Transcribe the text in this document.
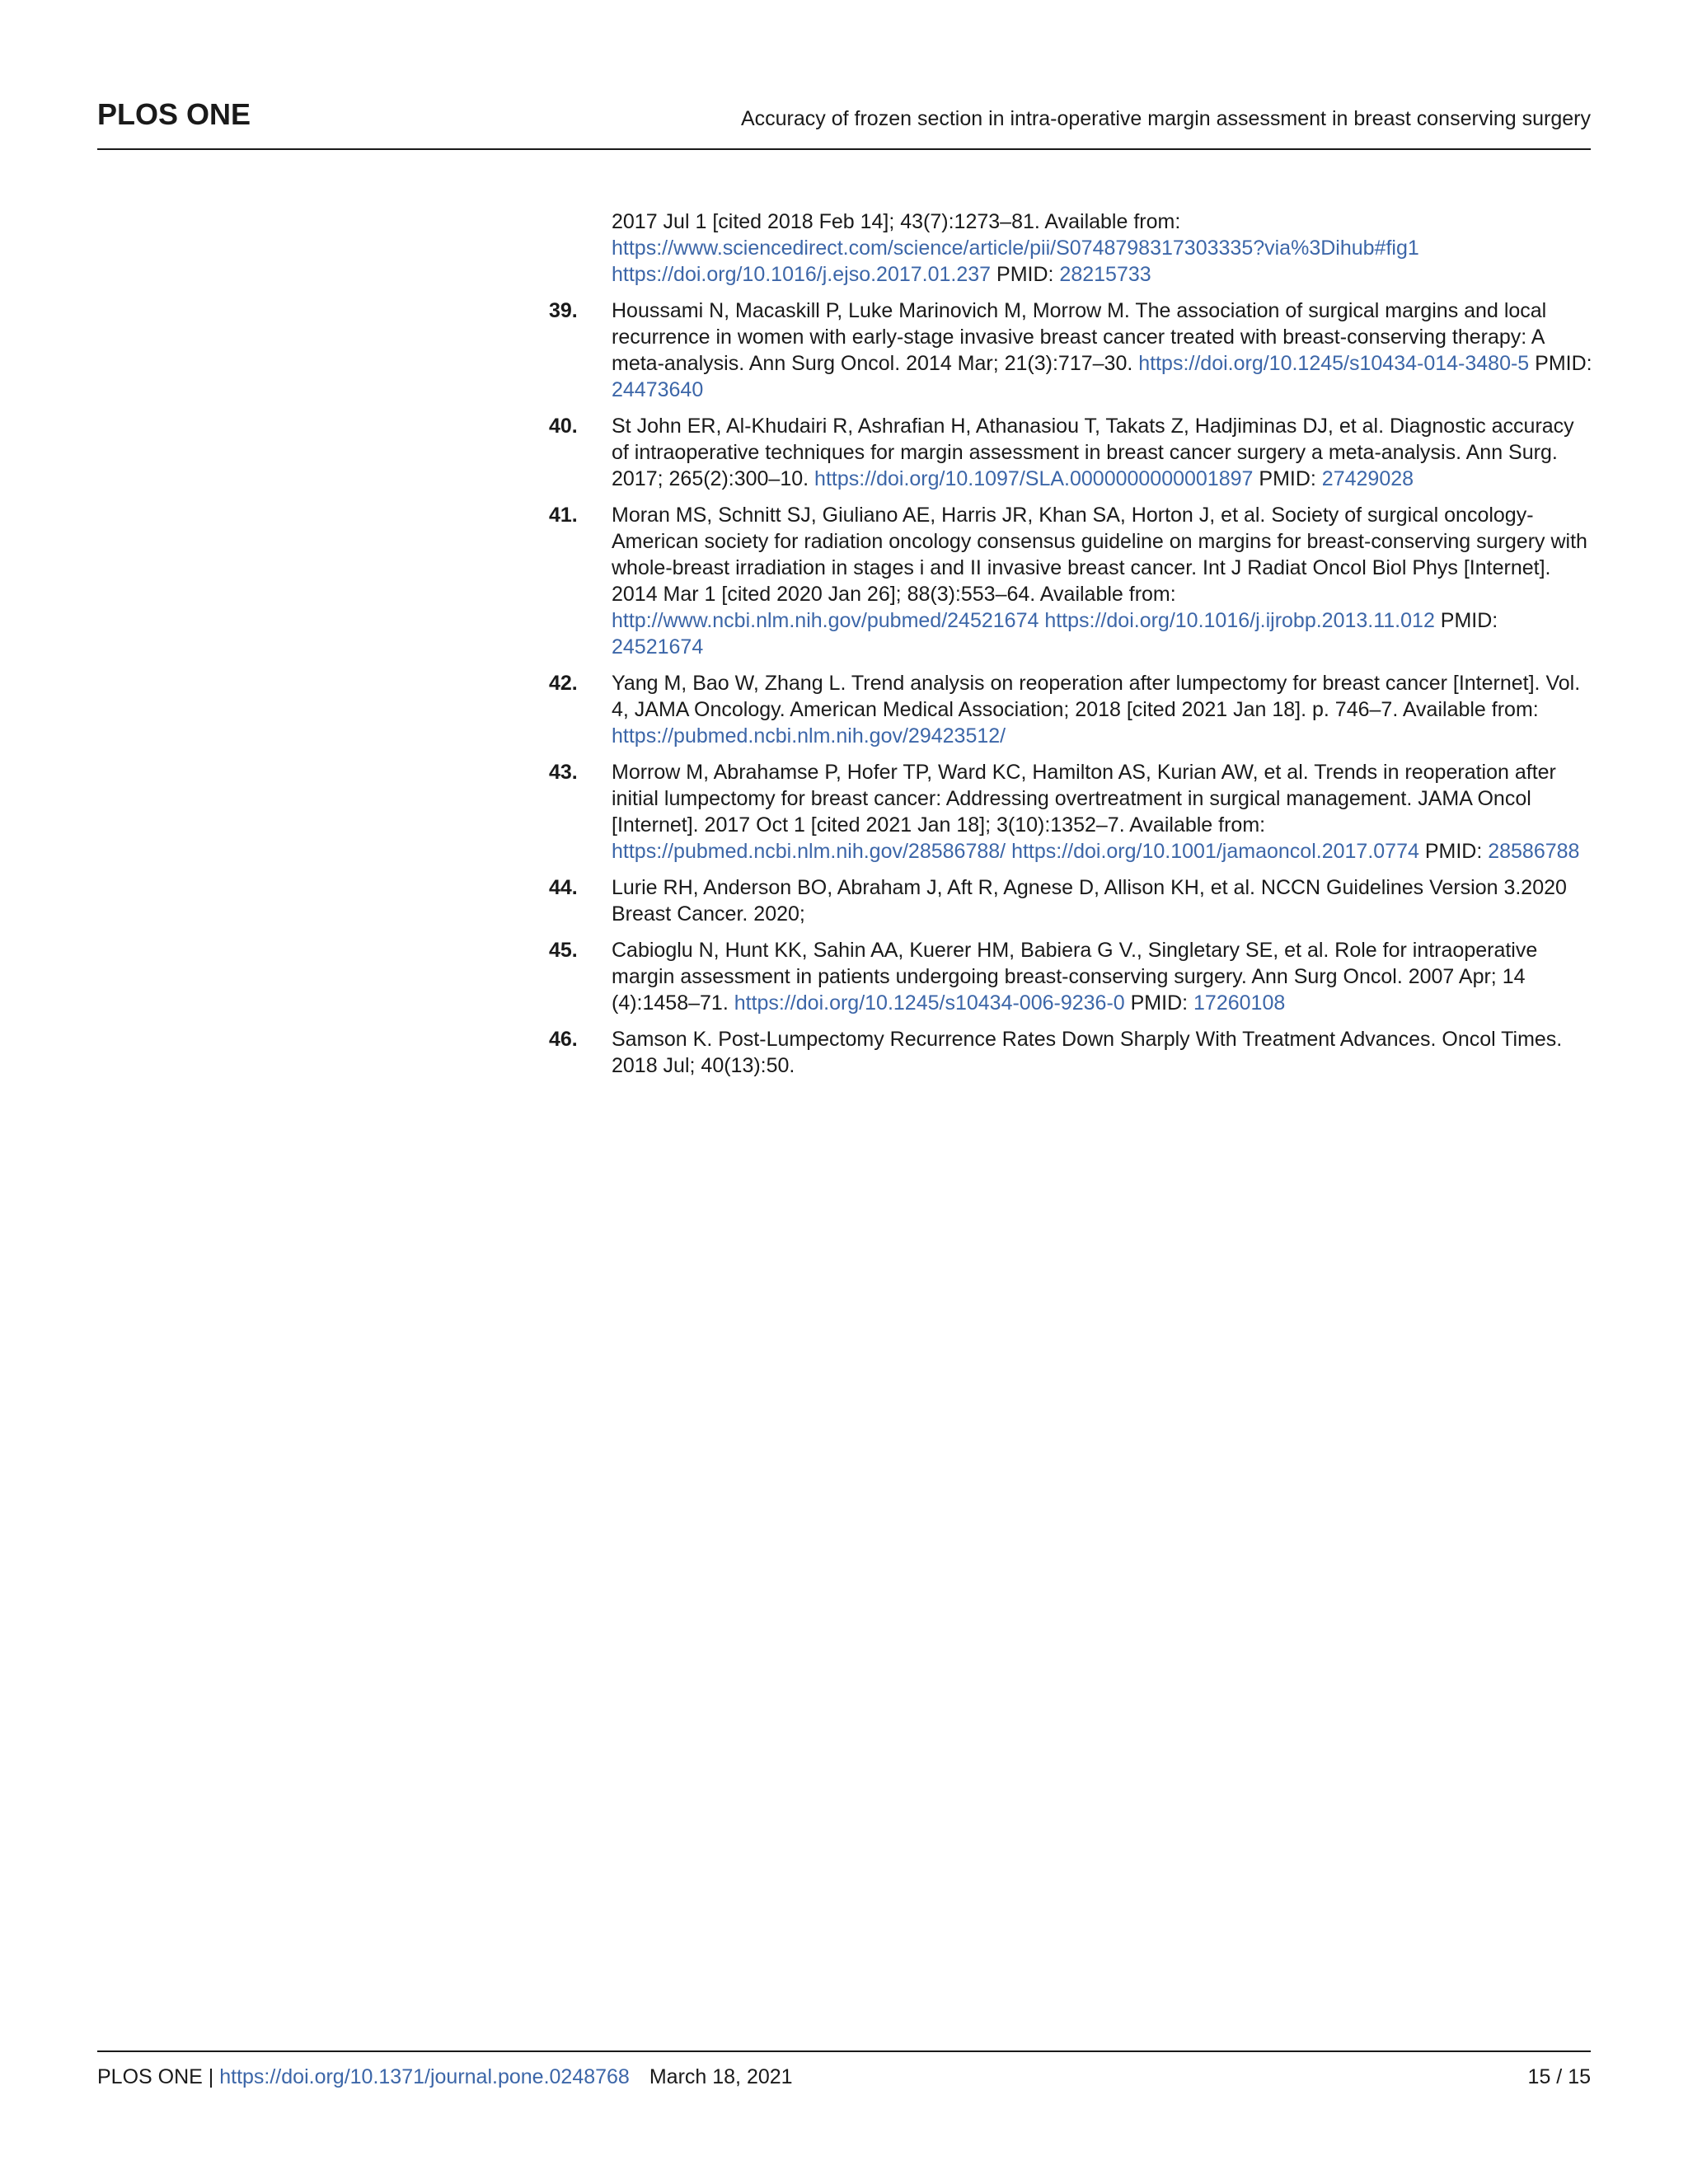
PLOS ONE	Accuracy of frozen section in intra-operative margin assessment in breast conserving surgery
2017 Jul 1 [cited 2018 Feb 14]; 43(7):1273–81. Available from: https://www.sciencedirect.com/science/article/pii/S0748798317303335?via%3Dihub#fig1 https://doi.org/10.1016/j.ejso.2017.01.237 PMID: 28215733
39. Houssami N, Macaskill P, Luke Marinovich M, Morrow M. The association of surgical margins and local recurrence in women with early-stage invasive breast cancer treated with breast-conserving therapy: A meta-analysis. Ann Surg Oncol. 2014 Mar; 21(3):717–30. https://doi.org/10.1245/s10434-014-3480-5 PMID: 24473640
40. St John ER, Al-Khudairi R, Ashrafian H, Athanasiou T, Takats Z, Hadjiminas DJ, et al. Diagnostic accuracy of intraoperative techniques for margin assessment in breast cancer surgery a meta-analysis. Ann Surg. 2017; 265(2):300–10. https://doi.org/10.1097/SLA.0000000000001897 PMID: 27429028
41. Moran MS, Schnitt SJ, Giuliano AE, Harris JR, Khan SA, Horton J, et al. Society of surgical oncology-American society for radiation oncology consensus guideline on margins for breast-conserving surgery with whole-breast irradiation in stages i and II invasive breast cancer. Int J Radiat Oncol Biol Phys [Internet]. 2014 Mar 1 [cited 2020 Jan 26]; 88(3):553–64. Available from: http://www.ncbi.nlm.nih.gov/pubmed/24521674 https://doi.org/10.1016/j.ijrobp.2013.11.012 PMID: 24521674
42. Yang M, Bao W, Zhang L. Trend analysis on reoperation after lumpectomy for breast cancer [Internet]. Vol. 4, JAMA Oncology. American Medical Association; 2018 [cited 2021 Jan 18]. p. 746–7. Available from: https://pubmed.ncbi.nlm.nih.gov/29423512/
43. Morrow M, Abrahamse P, Hofer TP, Ward KC, Hamilton AS, Kurian AW, et al. Trends in reoperation after initial lumpectomy for breast cancer: Addressing overtreatment in surgical management. JAMA Oncol [Internet]. 2017 Oct 1 [cited 2021 Jan 18]; 3(10):1352–7. Available from: https://pubmed.ncbi.nlm.nih.gov/28586788/ https://doi.org/10.1001/jamaoncol.2017.0774 PMID: 28586788
44. Lurie RH, Anderson BO, Abraham J, Aft R, Agnese D, Allison KH, et al. NCCN Guidelines Version 3.2020 Breast Cancer. 2020;
45. Cabioglu N, Hunt KK, Sahin AA, Kuerer HM, Babiera G V., Singletary SE, et al. Role for intraoperative margin assessment in patients undergoing breast-conserving surgery. Ann Surg Oncol. 2007 Apr; 14 (4):1458–71. https://doi.org/10.1245/s10434-006-9236-0 PMID: 17260108
46. Samson K. Post-Lumpectomy Recurrence Rates Down Sharply With Treatment Advances. Oncol Times. 2018 Jul; 40(13):50.
PLOS ONE | https://doi.org/10.1371/journal.pone.0248768 March 18, 2021	15 / 15
